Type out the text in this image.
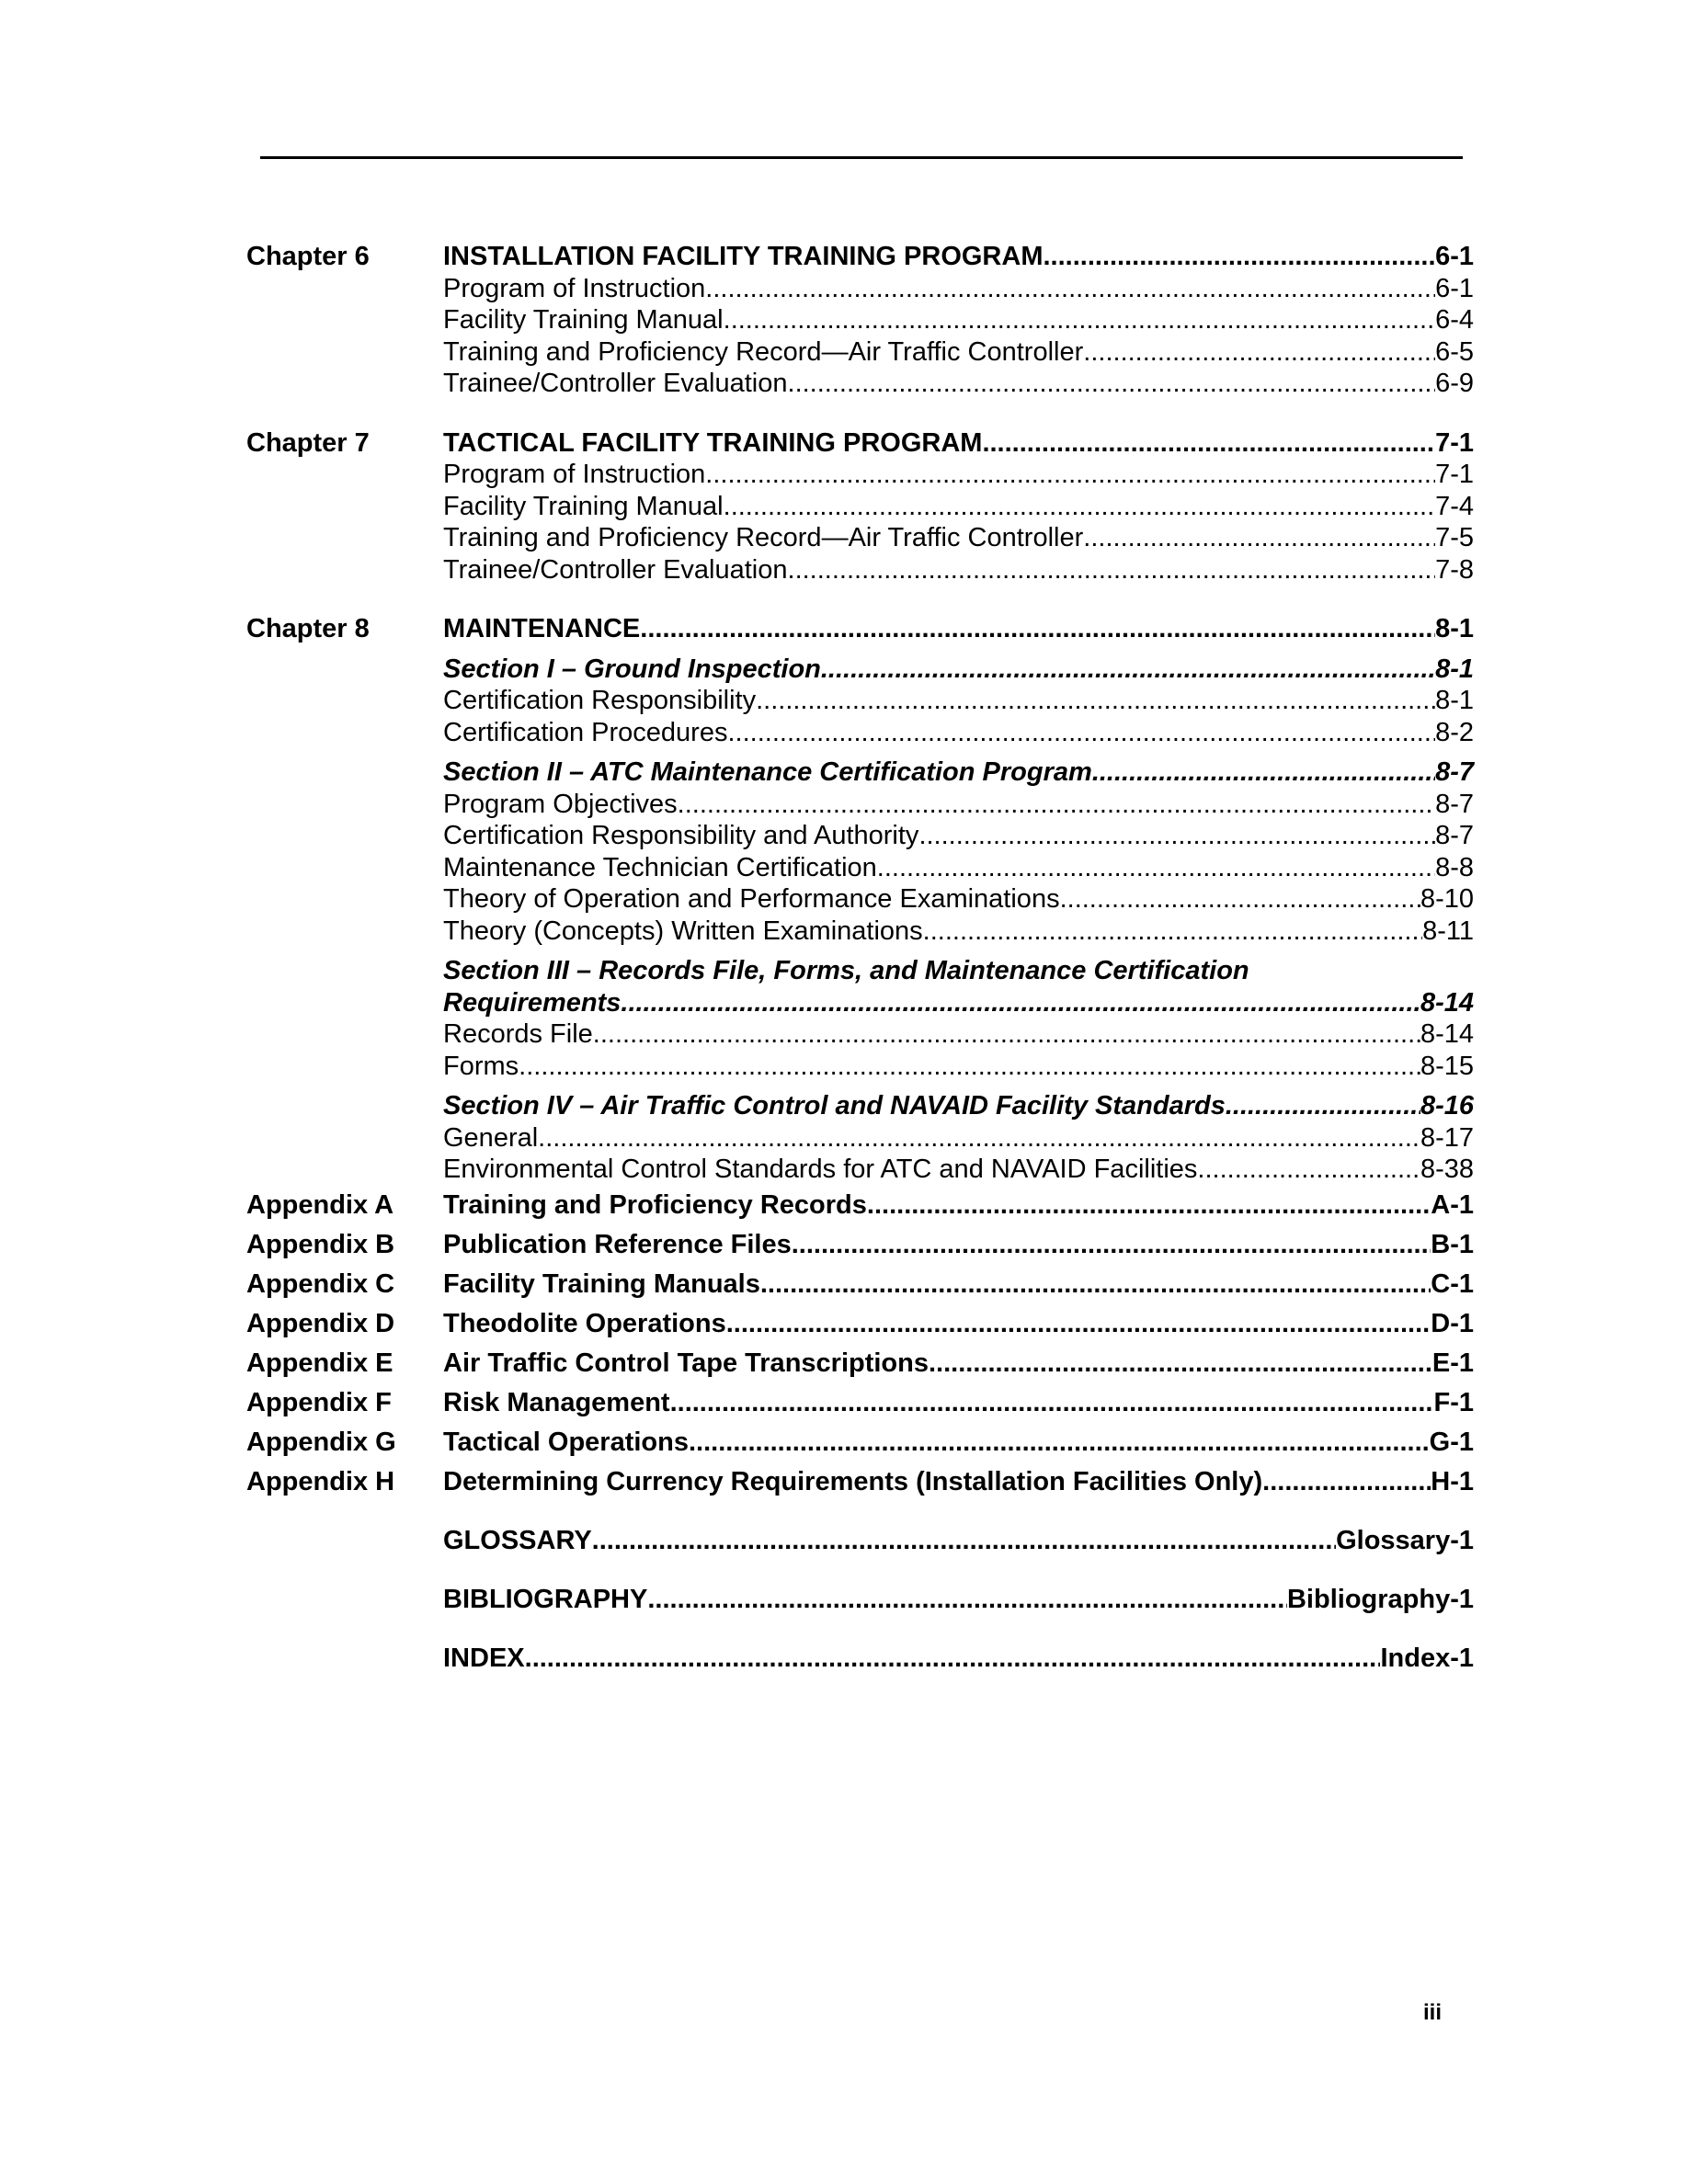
Chapter 6	INSTALLATION FACILITY TRAINING PROGRAM .....	6-1
Program of Instruction .....	6-1
Facility Training Manual .....	6-4
Training and Proficiency Record—Air Traffic Controller .....	6-5
Trainee/Controller Evaluation .....	6-9
Chapter 7	TACTICAL FACILITY TRAINING PROGRAM .....	7-1
Program of Instruction .....	7-1
Facility Training Manual .....	7-4
Training and Proficiency Record—Air Traffic Controller .....	7-5
Trainee/Controller Evaluation .....	7-8
Chapter 8	MAINTENANCE .....	8-1
Section I – Ground Inspection .....	8-1
Certification Responsibility .....	8-1
Certification Procedures .....	8-2
Section II – ATC Maintenance Certification Program .....	8-7
Program Objectives .....	8-7
Certification Responsibility and Authority .....	8-7
Maintenance Technician Certification .....	8-8
Theory of Operation and Performance Examinations .....	8-10
Theory (Concepts) Written Examinations .....	8-11
Section III – Records File, Forms, and Maintenance Certification
Requirements .....	8-14
Records File .....	8-14
Forms .....	8-15
Section IV – Air Traffic Control and NAVAID Facility Standards .....	8-16
General .....	8-17
Environmental Control Standards for ATC and NAVAID Facilities .....	8-38
Appendix A	Training and Proficiency Records .....	A-1
Appendix B	Publication Reference Files .....	B-1
Appendix C	Facility Training Manuals .....	C-1
Appendix D	Theodolite Operations .....	D-1
Appendix E	Air Traffic Control Tape Transcriptions .....	E-1
Appendix F	Risk Management .....	F-1
Appendix G	Tactical Operations .....	G-1
Appendix H	Determining Currency Requirements (Installation Facilities Only) .....	H-1
GLOSSARY .....	Glossary-1
BIBLIOGRAPHY .....	Bibliography-1
INDEX .....	Index-1
iii
